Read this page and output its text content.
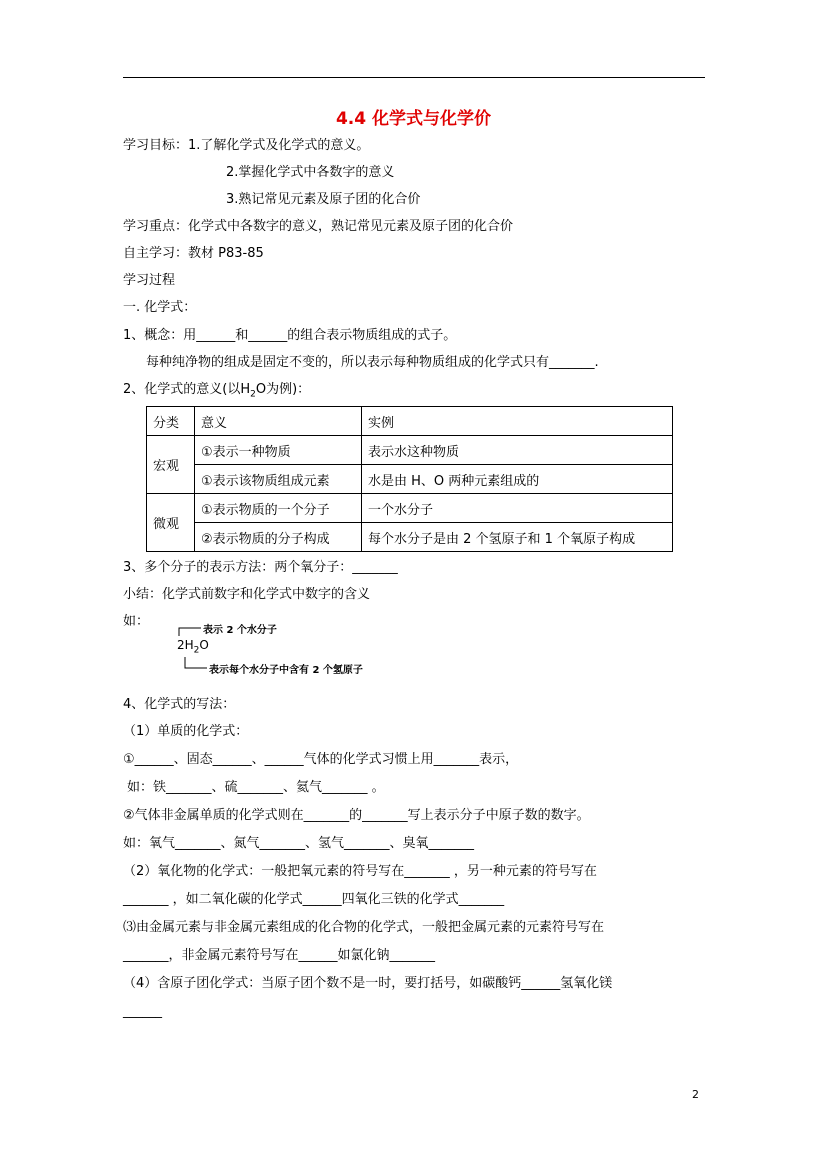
4.4 化学式与化学价
学习目标：1.了解化学式及化学式的意义。
2.掌握化学式中各数字的意义
3.熟记常见元素及原子团的化合价
学习重点：化学式中各数字的意义，熟记常见元素及原子团的化合价
自主学习：教材 P83-85
学习过程
一. 化学式：
1、概念：用______和______的组合表示物质组成的式子。
每种纯净物的组成是固定不变的，所以表示每种物质组成的化学式只有_______.
2、化学式的意义(以$H_2O$为例)：
分类	意义	实例
宏观	①表示一种物质	表示水这种物质
	①表示该物质组成元素	水是由 H、O 两种元素组成的
微观	①表示物质的一个分子	一个水分子
	②表示物质的分子构成	每个水分子是由 2 个氢原子和 1 个氧原子构成
3、多个分子的表示方法：两个氧分子：_______
小结：化学式前数字和化学式中数字的含义
如：
$2H_2O$
表示 2 个水分子
表示每个水分子中含有 2 个氢原子
4、化学式的写法：
（1）单质的化学式：
①______、固态______、______气体的化学式习惯上用_______表示，
如：铁_______、硫_______、氦气_______ 。
②气体非金属单质的化学式则在_______的_______写上表示分子中原子数的数字。
如：氧气_______、氮气_______、氢气_______、臭氧_______
（2）氧化物的化学式：一般把氧元素的符号写在_______ ，另一种元素的符号写在
_______ ，如二氧化碳的化学式______四氧化三铁的化学式_______
⑶由金属元素与非金属元素组成的化合物的化学式，一般把金属元素的元素符号写在
_______，非金属元素符号写在______如氯化钠_______
（4）含原子团化学式：当原子团个数不是一时，要打括号，如碳酸钙______氢氧化镁
______
2
